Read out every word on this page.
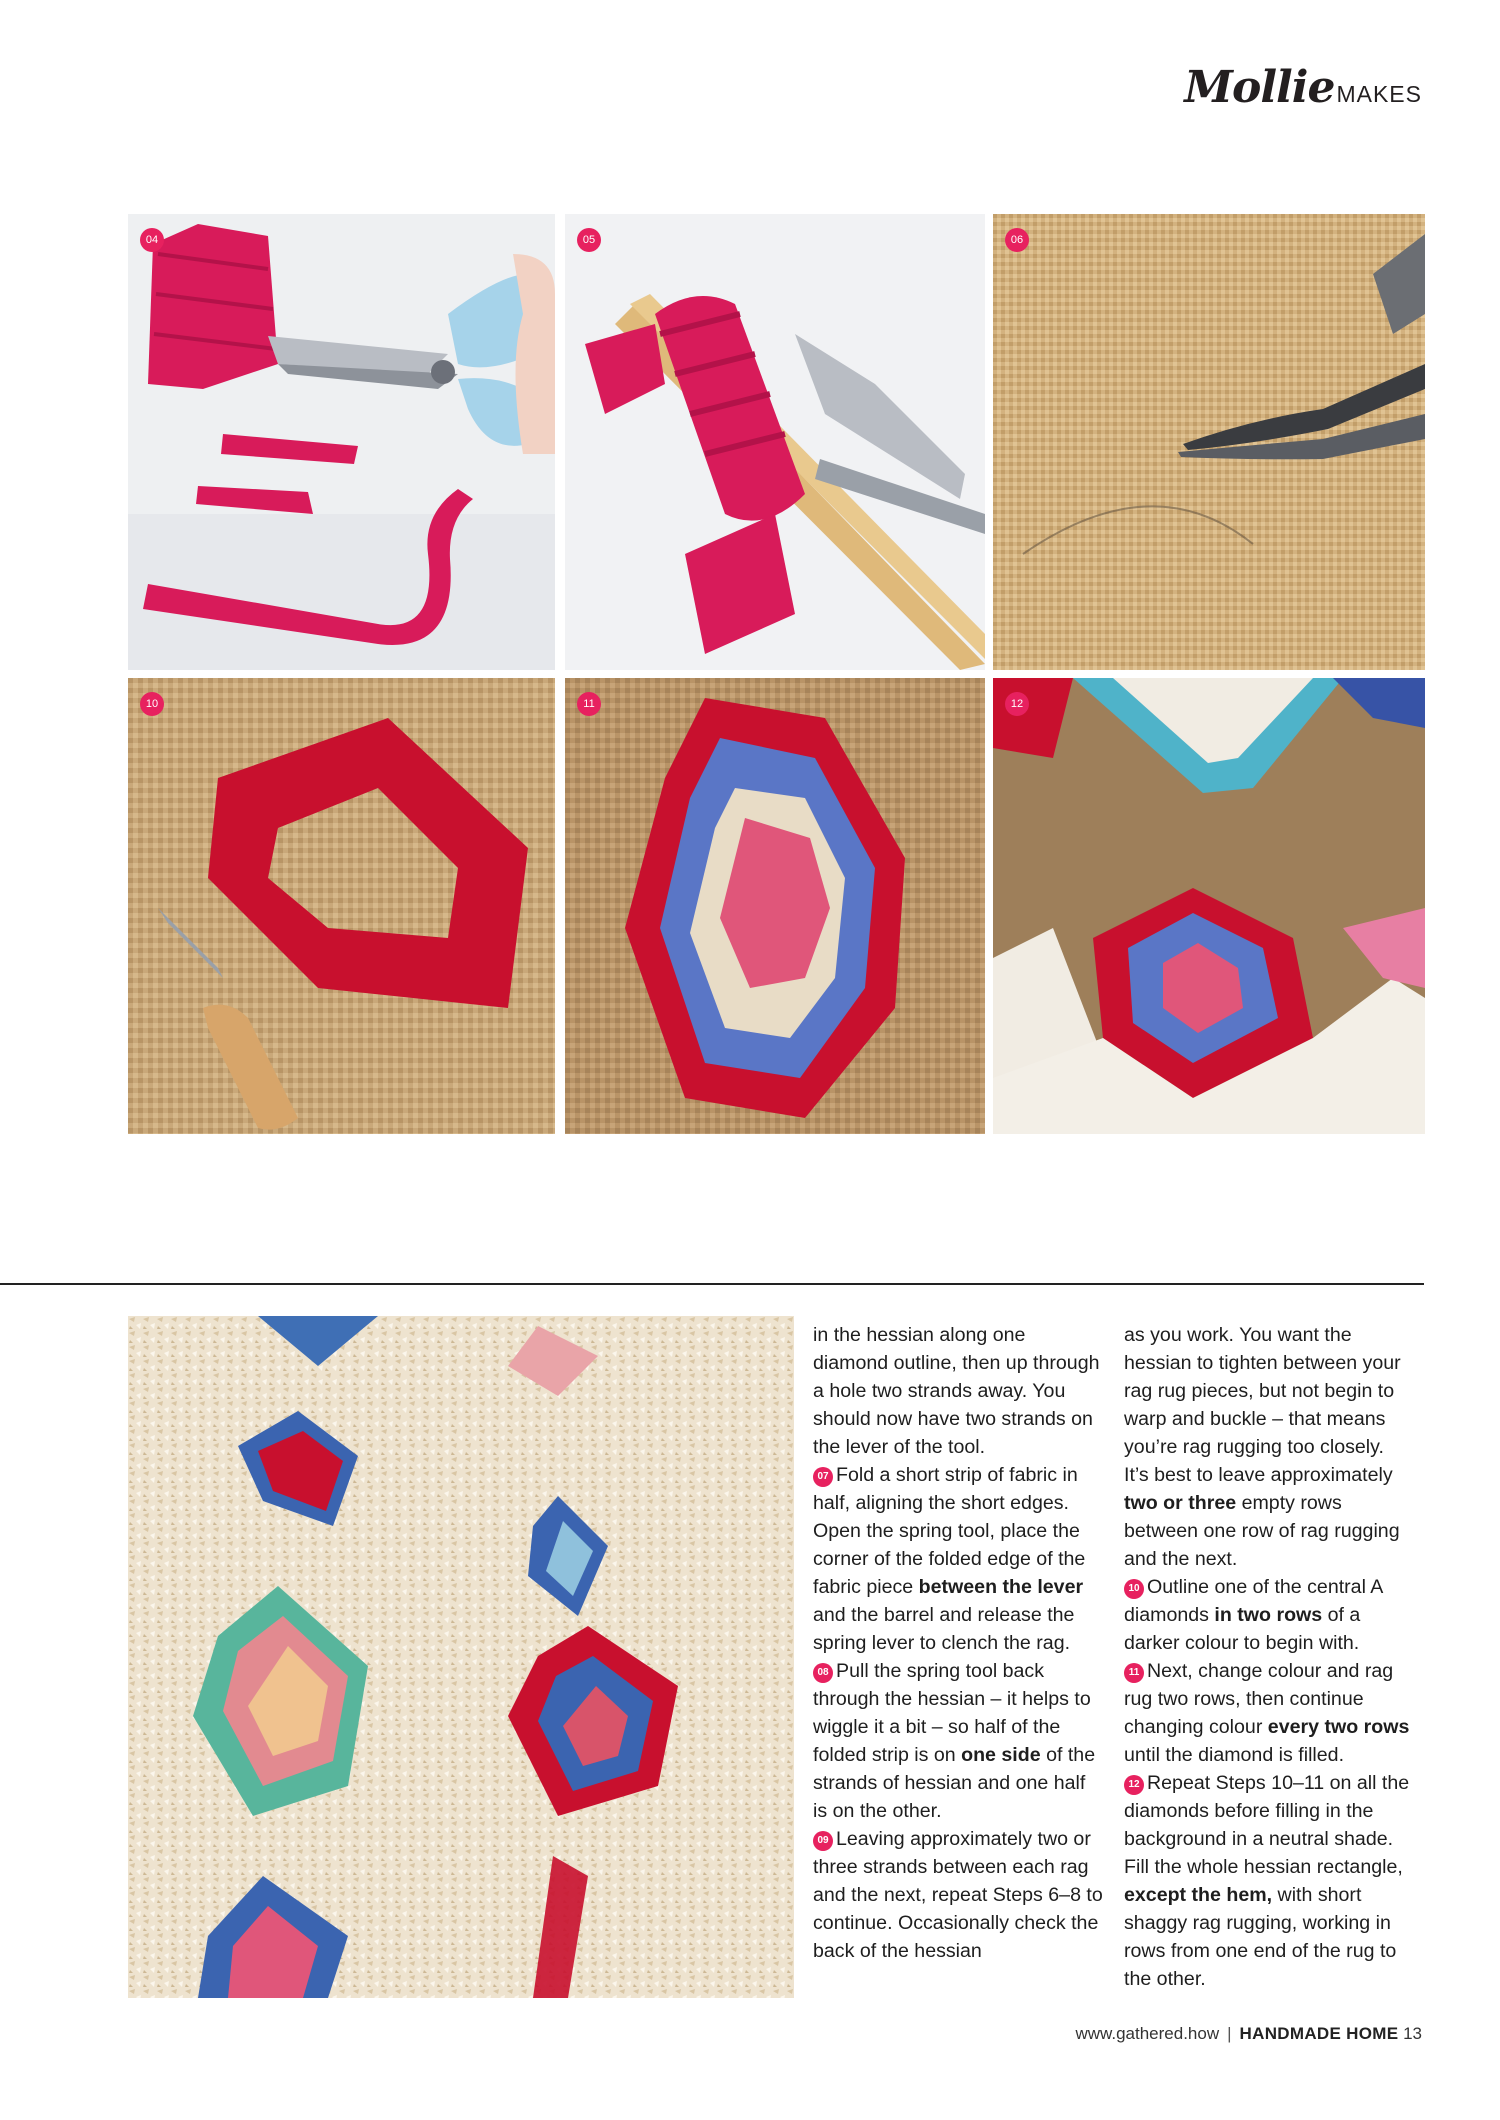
Mollie MAKES
04	05	06
10	11	12

in the hessian along one diamond outline, then up through a hole two strands away. You should now have two strands on the lever of the tool.

07 Fold a short strip of fabric in half, aligning the short edges. Open the spring tool, place the corner of the folded edge of the fabric piece between the lever and the barrel and release the spring lever to clench the rag.

08 Pull the spring tool back through the hessian – it helps to wiggle it a bit – so half of the folded strip is on one side of the strands of hessian and one half is on the other.

09 Leaving approximately two or three strands between each rag and the next, repeat Steps 6–8 to continue. Occasionally check the back of the hessian

as you work. You want the hessian to tighten between your rag rug pieces, but not begin to warp and buckle – that means you’re rag rugging too closely. It’s best to leave approximately two or three empty rows between one row of rag rugging and the next.

10 Outline one of the central A diamonds in two rows of a darker colour to begin with.

11 Next, change colour and rag rug two rows, then continue changing colour every two rows until the diamond is filled.

12 Repeat Steps 10–11 on all the diamonds before filling in the background in a neutral shade. Fill the whole hessian rectangle, except the hem, with short shaggy rag rugging, working in rows from one end of the rug to the other.

www.gathered.how | HANDMADE HOME 13
